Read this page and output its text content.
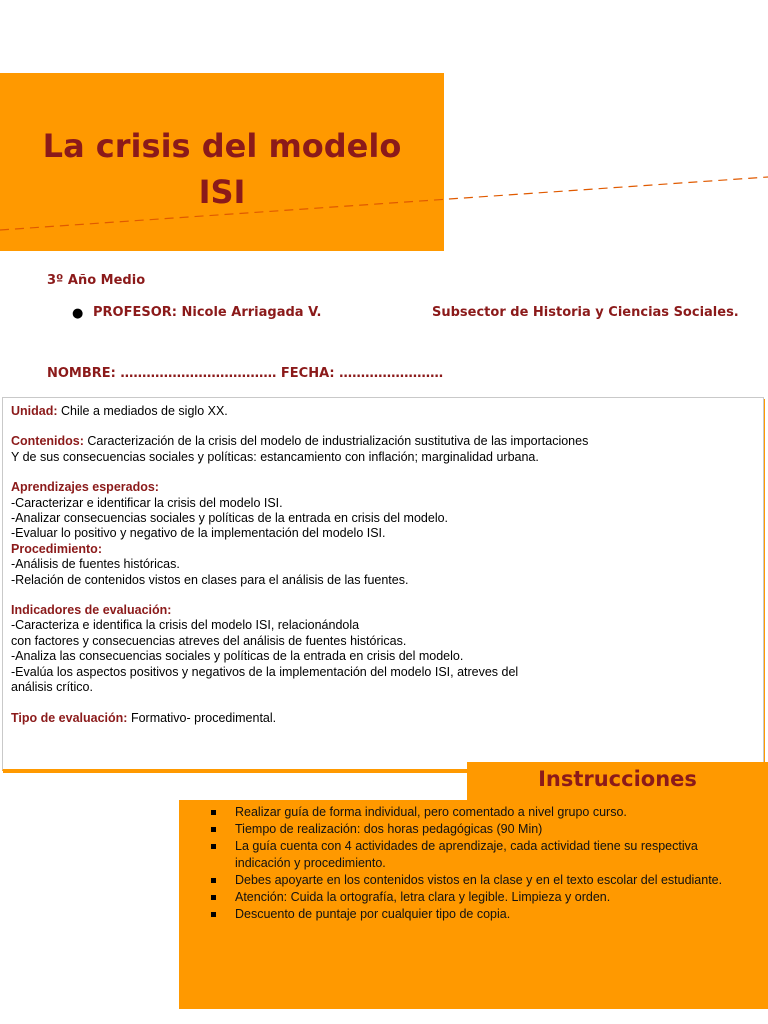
La crisis del modelo
ISI
3º Año Medio
● PROFESOR: Nicole Arriagada V.	Subsector de Historia y Ciencias Sociales.
NOMBRE: ……………………………… FECHA: ……………………

Unidad: Chile a mediados de siglo XX.

Contenidos: Caracterización de la crisis del modelo de industrialización sustitutiva de las importaciones

Y de sus consecuencias sociales y políticas: estancamiento con inflación; marginalidad urbana.

Aprendizajes esperados:

-Caracterizar e identificar la crisis del modelo ISI.

-Analizar consecuencias sociales y políticas de la entrada en crisis del modelo.

-Evaluar lo positivo y negativo de la implementación del modelo ISI.

Procedimiento:

-Análisis de fuentes históricas.

-Relación de contenidos vistos en clases para el análisis de las fuentes.

Indicadores de evaluación:

-Caracteriza e identifica la crisis del modelo ISI, relacionándola

con factores y consecuencias atreves del análisis de fuentes históricas.

-Analiza las consecuencias sociales y políticas de la entrada en crisis del modelo.

-Evalúa los aspectos positivos y negativos de la implementación del modelo ISI, atreves del

análisis crítico.

Tipo de evaluación: Formativo- procedimental.

Instrucciones
Realizar guía de forma individual, pero comentado a nivel grupo curso.
Tiempo de realización: dos horas pedagógicas (90 Min)
La guía cuenta con 4 actividades de aprendizaje, cada actividad tiene su respectiva indicación y procedimiento.
Debes apoyarte en los contenidos vistos en la clase y en el texto escolar del estudiante.
Atención: Cuida la ortografía, letra clara y legible. Limpieza y orden.
Descuento de puntaje por cualquier tipo de copia.
